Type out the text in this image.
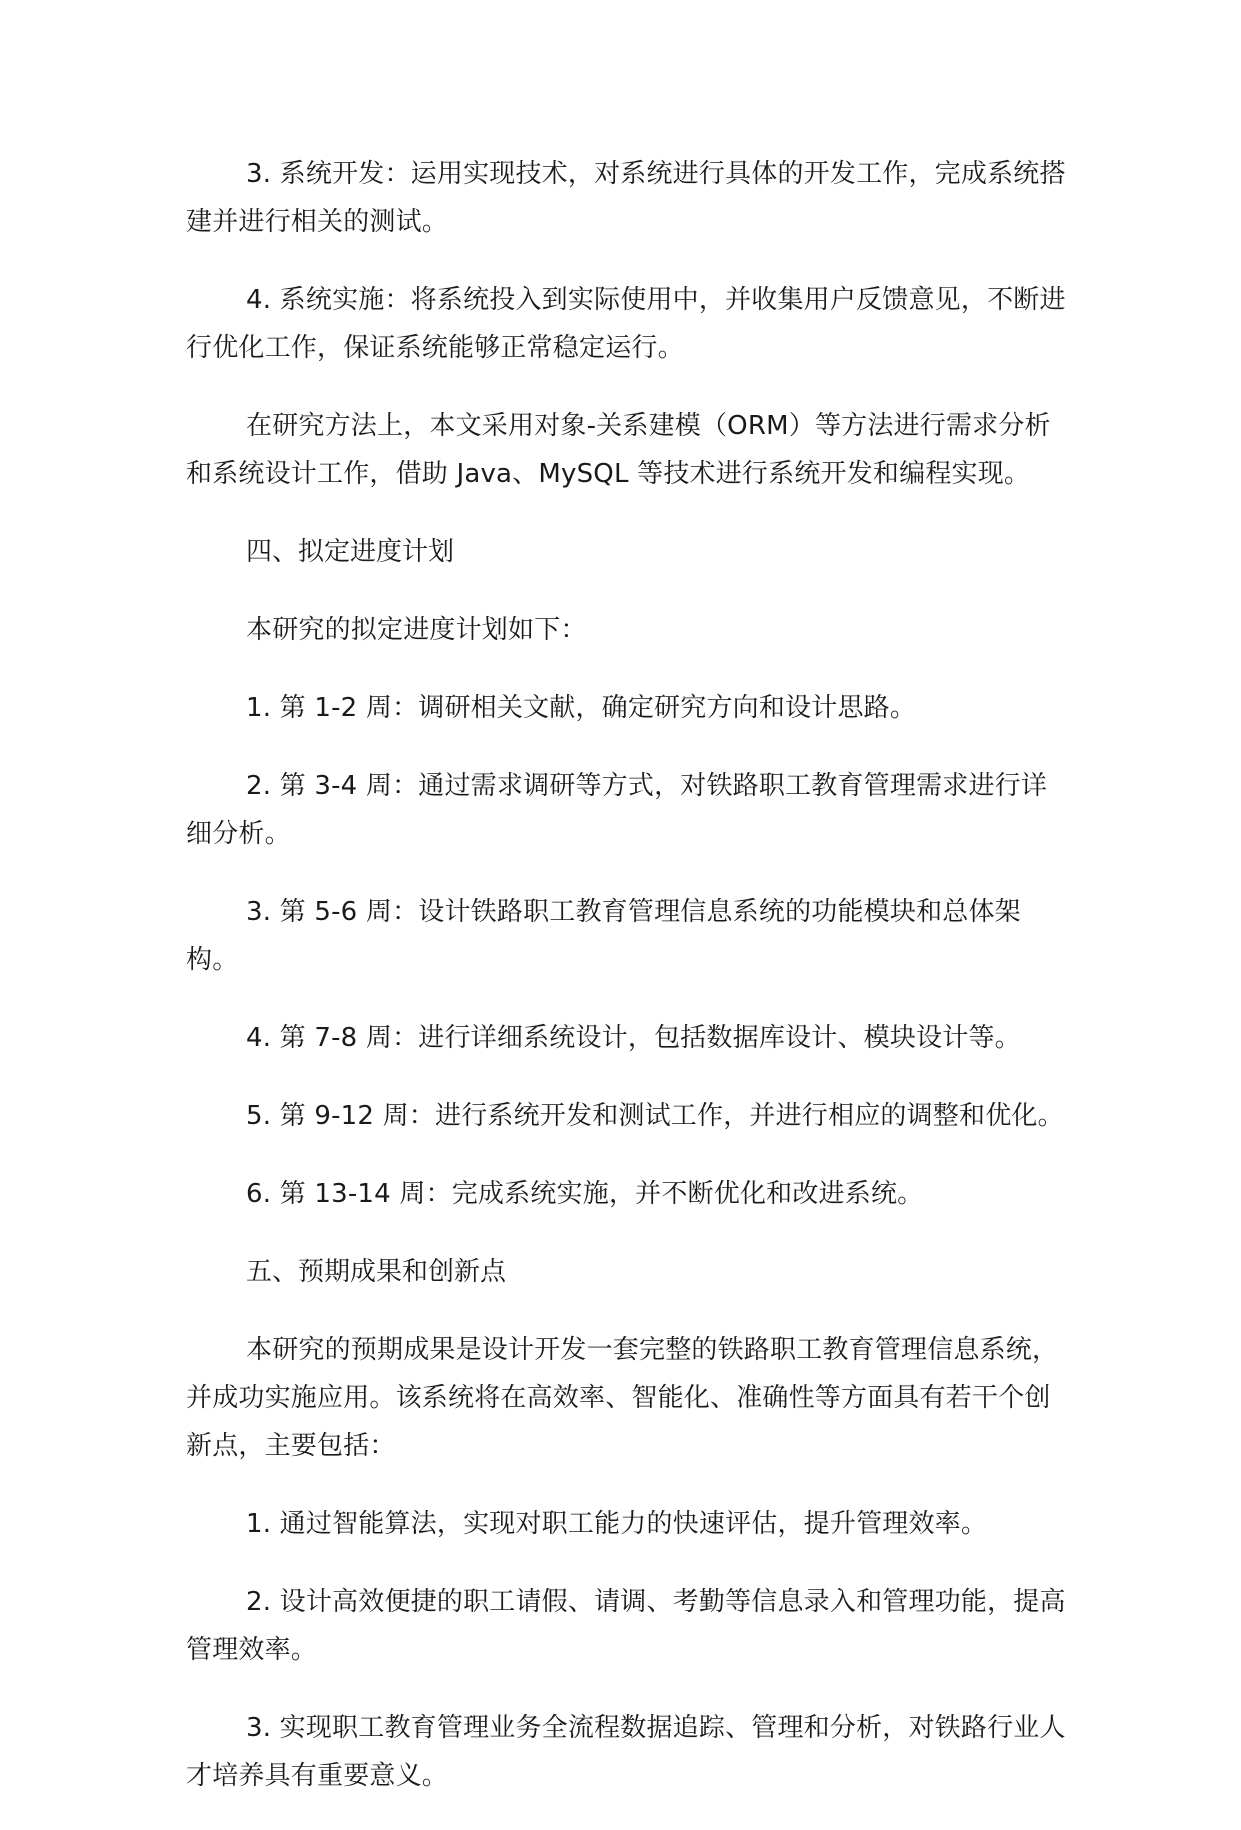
3. 系统开发：运用实现技术，对系统进行具体的开发工作，完成系统搭建并进行相关的测试。

4. 系统实施：将系统投入到实际使用中，并收集用户反馈意见，不断进行优化工作，保证系统能够正常稳定运行。

在研究方法上，本文采用对象-关系建模（ORM）等方法进行需求分析和系统设计工作，借助 Java、MySQL 等技术进行系统开发和编程实现。

四、拟定进度计划

本研究的拟定进度计划如下：

1. 第 1-2 周：调研相关文献，确定研究方向和设计思路。

2. 第 3-4 周：通过需求调研等方式，对铁路职工教育管理需求进行详细分析。

3. 第 5-6 周：设计铁路职工教育管理信息系统的功能模块和总体架构。

4. 第 7-8 周：进行详细系统设计，包括数据库设计、模块设计等。

5. 第 9-12 周：进行系统开发和测试工作，并进行相应的调整和优化。

6. 第 13-14 周：完成系统实施，并不断优化和改进系统。

五、预期成果和创新点

本研究的预期成果是设计开发一套完整的铁路职工教育管理信息系统，并成功实施应用。该系统将在高效率、智能化、准确性等方面具有若干个创新点，主要包括：

1. 通过智能算法，实现对职工能力的快速评估，提升管理效率。

2. 设计高效便捷的职工请假、请调、考勤等信息录入和管理功能，提高管理效率。

3. 实现职工教育管理业务全流程数据追踪、管理和分析，对铁路行业人才培养具有重要意义。
